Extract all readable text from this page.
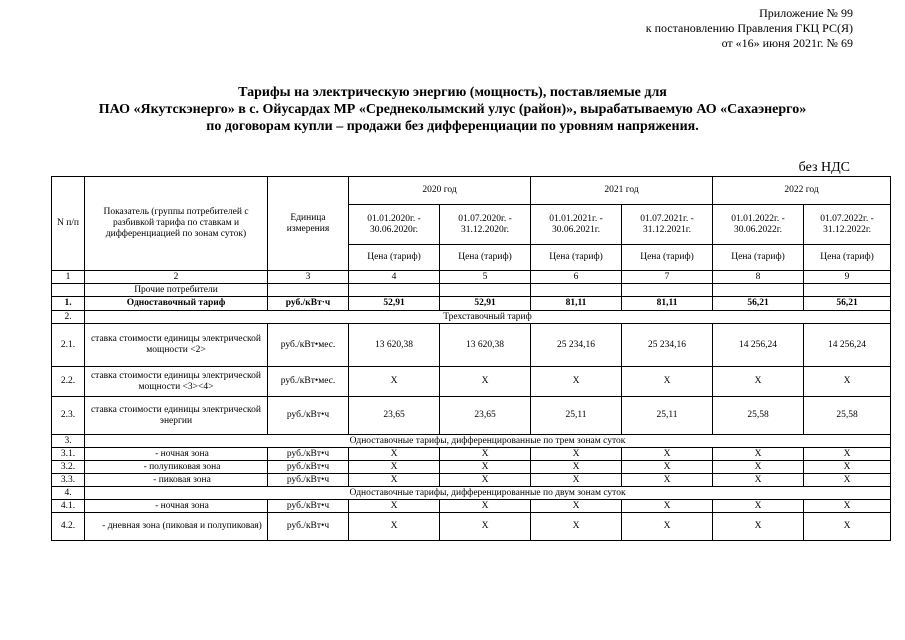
Приложение № 99
к постановлению Правления ГКЦ РС(Я)
от «16» июня 2021г. № 69
Тарифы на электрическую энергию (мощность), поставляемые для
ПАО «Якутскэнерго» в с. Ойусардах МР «Среднеколымский улус (район)», вырабатываемую АО «Сахаэнерго»
по договорам купли – продажи без дифференциации по уровням напряжения.
без НДС
N п/п	Показатель (группы потребителей с разбивкой тарифа по ставкам и дифференциацией по зонам суток)	Единица измерения	2020 год		2021 год		2022 год	
			01.01.2020г. - 30.06.2020г.	01.07.2020г. - 31.12.2020г.	01.01.2021г. - 30.06.2021г.	01.07.2021г. - 31.12.2021г.	01.01.2022г. - 30.06.2022г.	01.07.2022г. - 31.12.2022г.
			Цена (тариф)	Цена (тариф)	Цена (тариф)	Цена (тариф)	Цена (тариф)	Цена (тариф)
1	2	3	4	5	6	7	8	9
	Прочие потребители							
1.	Одноставочный тариф	руб./кВт·ч	52,91	52,91	81,11	81,11	56,21	56,21
2.	Трехставочный тариф							
2.1.	ставка стоимости единицы электрической мощности <2>	руб./кВт•мес.	13 620,38	13 620,38	25 234,16	25 234,16	14 256,24	14 256,24
2.2.	ставка стоимости единицы электрической мощности <3><4>	руб./кВт•мес.	Х	Х	Х	Х	Х	Х
2.3.	ставка стоимости единицы электрической энергии	руб./кВт•ч	23,65	23,65	25,11	25,11	25,58	25,58
3.	Одноставочные тарифы, дифференцированные по трем зонам суток							
3.1.	- ночная зона	руб./кВт•ч	Х	Х	Х	Х	Х	Х
3.2.	- полупиковая зона	руб./кВт•ч	Х	Х	Х	Х	Х	Х
3.3.	- пиковая зона	руб./кВт•ч	Х	Х	Х	Х	Х	Х
4.	Одноставочные тарифы, дифференцированные по двум зонам суток							
4.1.	- ночная зона	руб./кВт•ч	Х	Х	Х	Х	Х	Х
4.2.	- дневная зона (пиковая и полупиковая)	руб./кВт•ч	Х	Х	Х	Х	Х	Х
